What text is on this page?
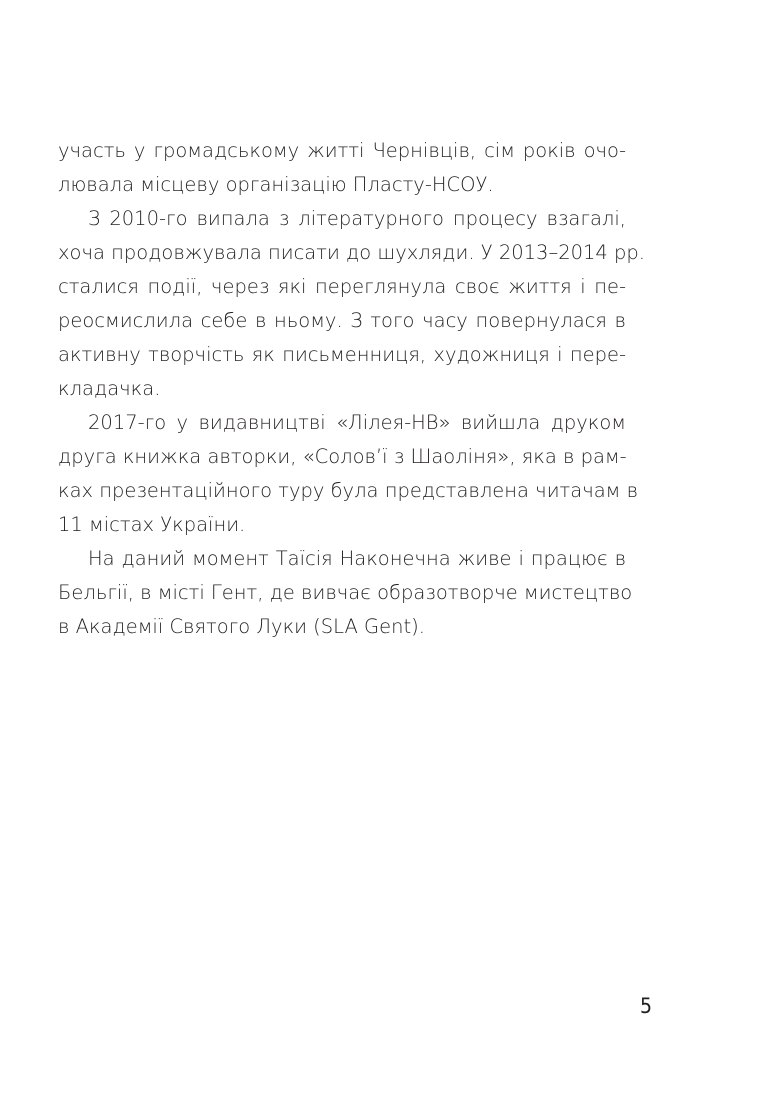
участь у громадському житті Чернівців, сім років очо-
лювала місцеву організацію Пласту-НСОУ.
З 2010-го випала з літературного процесу взагалі,
хоча продовжувала писати до шухляди. У 2013–2014 рр.
сталися події, через які переглянула своє життя і пе-
реосмислила себе в ньому. З того часу повернулася в
активну творчість як письменниця, художниця і пере-
кладачка.
2017-го у видавництві «Лілея-НВ» вийшла друком
друга книжка авторки, «Солов’ї з Шаоліня», яка в рам-
ках презентаційного туру була представлена читачам в
11 містах України.
На даний момент Таїсія Наконечна живе і працює в
Бельгії, в місті Гент, де вивчає образотворче мистецтво
в Академії Святого Луки (SLA Gent).
5
